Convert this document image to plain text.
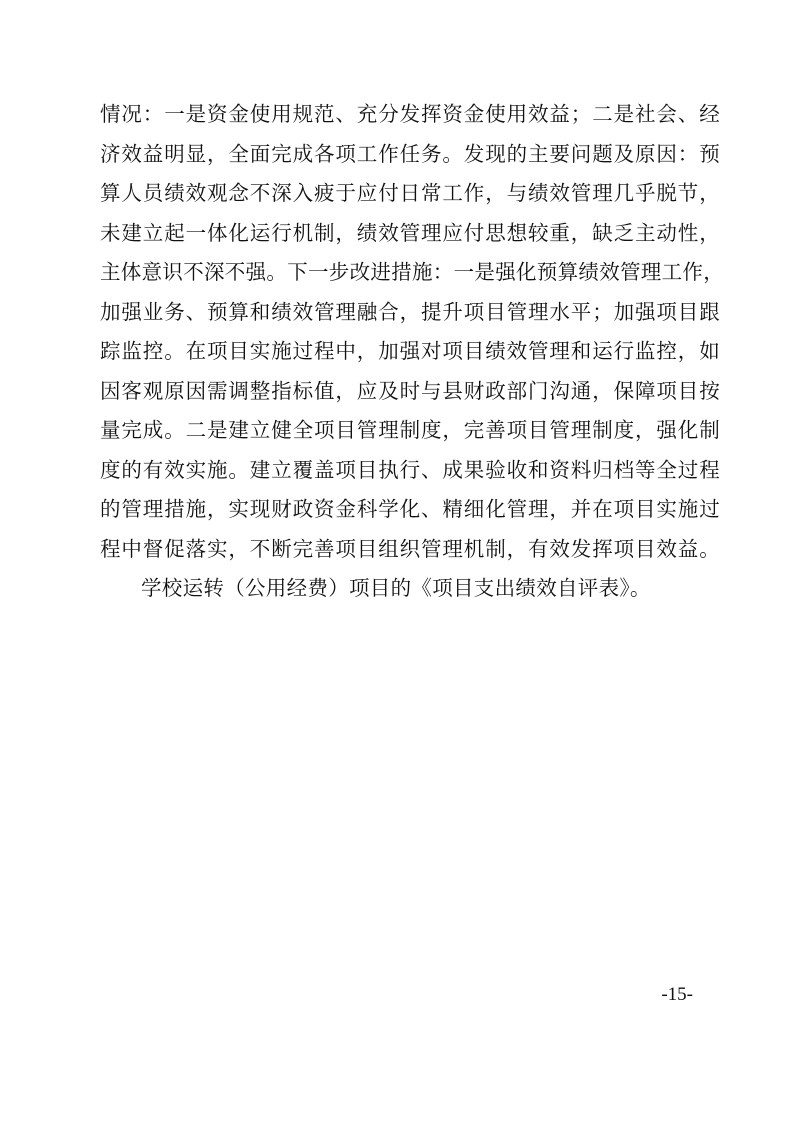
情况：一是资金使用规范、充分发挥资金使用效益；二是社会、经
济效益明显，全面完成各项工作任务。发现的主要问题及原因：预
算人员绩效观念不深入疲于应付日常工作，与绩效管理几乎脱节，
未建立起一体化运行机制，绩效管理应付思想较重，缺乏主动性，
主体意识不深不强。下一步改进措施：一是强化预算绩效管理工作，
加强业务、预算和绩效管理融合，提升项目管理水平；加强项目跟
踪监控。在项目实施过程中，加强对项目绩效管理和运行监控，如
因客观原因需调整指标值，应及时与县财政部门沟通，保障项目按
量完成。二是建立健全项目管理制度，完善项目管理制度，强化制
度的有效实施。建立覆盖项目执行、成果验收和资料归档等全过程
的管理措施，实现财政资金科学化、精细化管理，并在项目实施过
程中督促落实，不断完善项目组织管理机制，有效发挥项目效益。
学校运转（公用经费）项目的《项目支出绩效自评表》。
-15-
